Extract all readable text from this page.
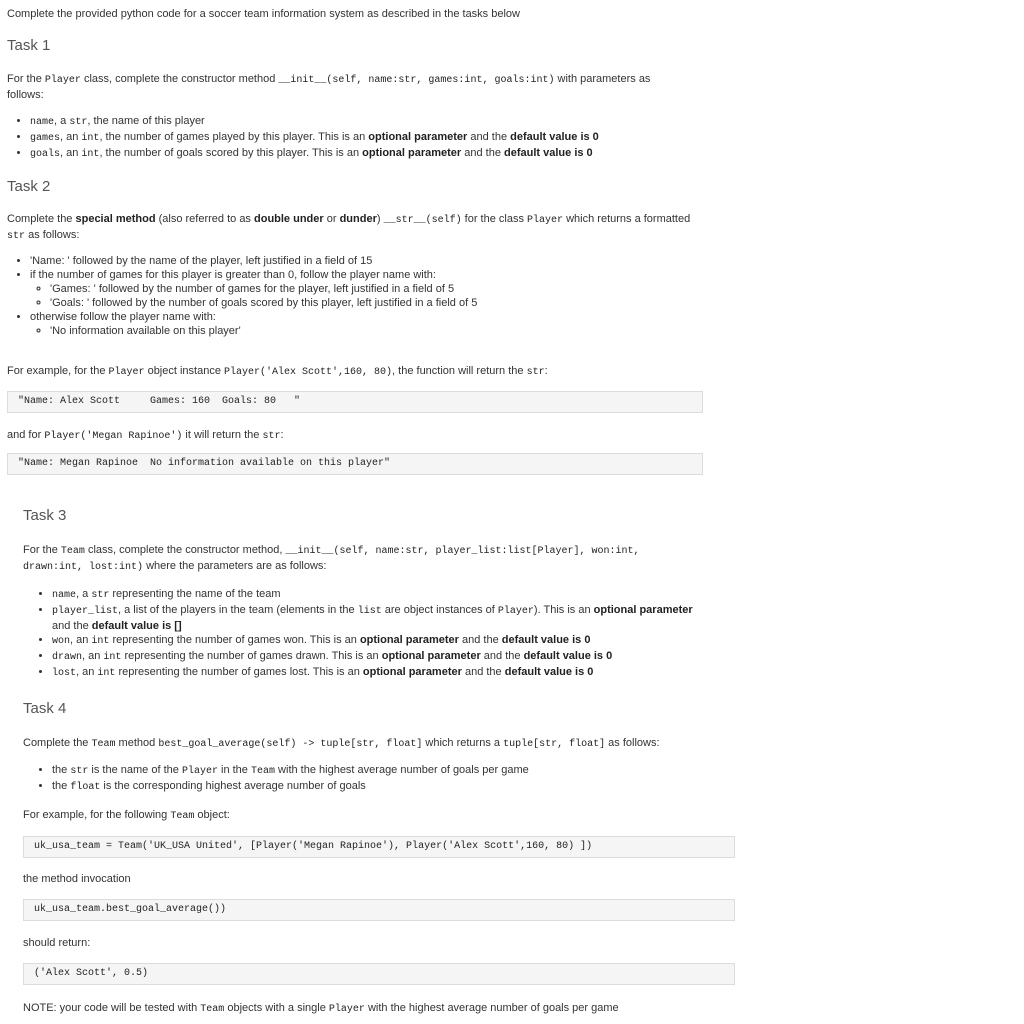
Complete the provided python code for a soccer team information system as described in the tasks below
Task 1
For the Player class, complete the constructor method __init__(self, name:str, games:int, goals:int) with parameters as
follows:
• name, a str, the name of this player
• games, an int, the number of games played by this player. This is an optional parameter and the default value is 0
• goals, an int, the number of goals scored by this player. This is an optional parameter and the default value is 0
Task 2
Complete the special method (also referred to as double under or dunder) __str__(self) for the class Player which returns a formatted
str as follows:
• 'Name: ' followed by the name of the player, left justified in a field of 15
• if the number of games for this player is greater than 0, follow the player name with:
◦ 'Games: ' followed by the number of games for the player, left justified in a field of 5
◦ 'Goals: ' followed by the number of goals scored by this player, left justified in a field of 5
• otherwise follow the player name with:
◦ 'No information available on this player'
For example, for the Player object instance Player('Alex Scott',160, 80), the function will return the str:
"Name: Alex Scott     Games: 160  Goals: 80   "
and for Player('Megan Rapinoe') it will return the str:
"Name: Megan Rapinoe  No information available on this player"
Task 3
For the Team class, complete the constructor method, __init__(self, name:str, player_list:list[Player], won:int,
drawn:int, lost:int) where the parameters are as follows:
• name, a str representing the name of the team
• player_list, a list of the players in the team (elements in the list are object instances of Player). This is an optional parameter
and the default value is []
• won, an int representing the number of games won. This is an optional parameter and the default value is 0
• drawn, an int representing the number of games drawn. This is an optional parameter and the default value is 0
• lost, an int representing the number of games lost. This is an optional parameter and the default value is 0
Task 4
Complete the Team method best_goal_average(self) -> tuple[str, float] which returns a tuple[str, float] as follows:
• the str is the name of the Player in the Team with the highest average number of goals per game
• the float is the corresponding highest average number of goals
For example, for the following Team object:
uk_usa_team = Team('UK_USA United', [Player('Megan Rapinoe'), Player('Alex Scott',160, 80) ])
the method invocation
uk_usa_team.best_goal_average())
should return:
('Alex Scott', 0.5)
NOTE: your code will be tested with Team objects with a single Player with the highest average number of goals per game
